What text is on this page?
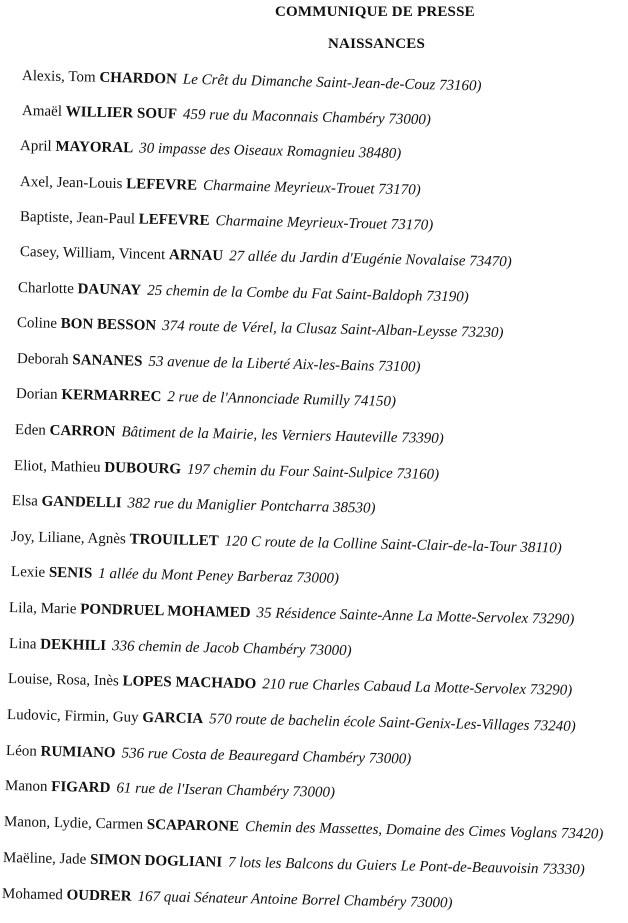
COMMUNIQUE DE PRESSE
NAISSANCES
Alexis, Tom CHARDON Le Crêt du Dimanche Saint-Jean-de-Couz 73160)
Amaël WILLIER SOUF 459 rue du Maconnais Chambéry 73000)
April MAYORAL 30 impasse des Oiseaux Romagnieu 38480)
Axel, Jean-Louis LEFEVRE Charmaine Meyrieux-Trouet 73170)
Baptiste, Jean-Paul LEFEVRE Charmaine Meyrieux-Trouet 73170)
Casey, William, Vincent ARNAU 27 allée du Jardin d'Eugénie Novalaise 73470)
Charlotte DAUNAY 25 chemin de la Combe du Fat Saint-Baldoph 73190)
Coline BON BESSON 374 route de Vérel, la Clusaz Saint-Alban-Leysse 73230)
Deborah SANANES 53 avenue de la Liberté Aix-les-Bains 73100)
Dorian KERMARREC 2 rue de l'Annonciade Rumilly 74150)
Eden CARRON Bâtiment de la Mairie, les Verniers Hauteville 73390)
Eliot, Mathieu DUBOURG 197 chemin du Four Saint-Sulpice 73160)
Elsa GANDELLI 382 rue du Maniglier Pontcharra 38530)
Joy, Liliane, Agnès TROUILLET 120 C route de la Colline Saint-Clair-de-la-Tour 38110)
Lexie SENIS 1 allée du Mont Peney Barberaz 73000)
Lila, Marie PONDRUEL MOHAMED 35 Résidence Sainte-Anne La Motte-Servolex 73290)
Lina DEKHILI 336 chemin de Jacob Chambéry 73000)
Louise, Rosa, Inès LOPES MACHADO 210 rue Charles Cabaud La Motte-Servolex 73290)
Ludovic, Firmin, Guy GARCIA 570 route de bachelin école Saint-Genix-Les-Villages 73240)
Léon RUMIANO 536 rue Costa de Beauregard Chambéry 73000)
Manon FIGARD 61 rue de l'Iseran Chambéry 73000)
Manon, Lydie, Carmen SCAPARONE Chemin des Massettes, Domaine des Cimes Voglans 73420)
Maëline, Jade SIMON DOGLIANI 7 lots les Balcons du Guiers Le Pont-de-Beauvoisin 73330)
Mohamed OUDRER 167 quai Sénateur Antoine Borrel Chambéry 73000)
